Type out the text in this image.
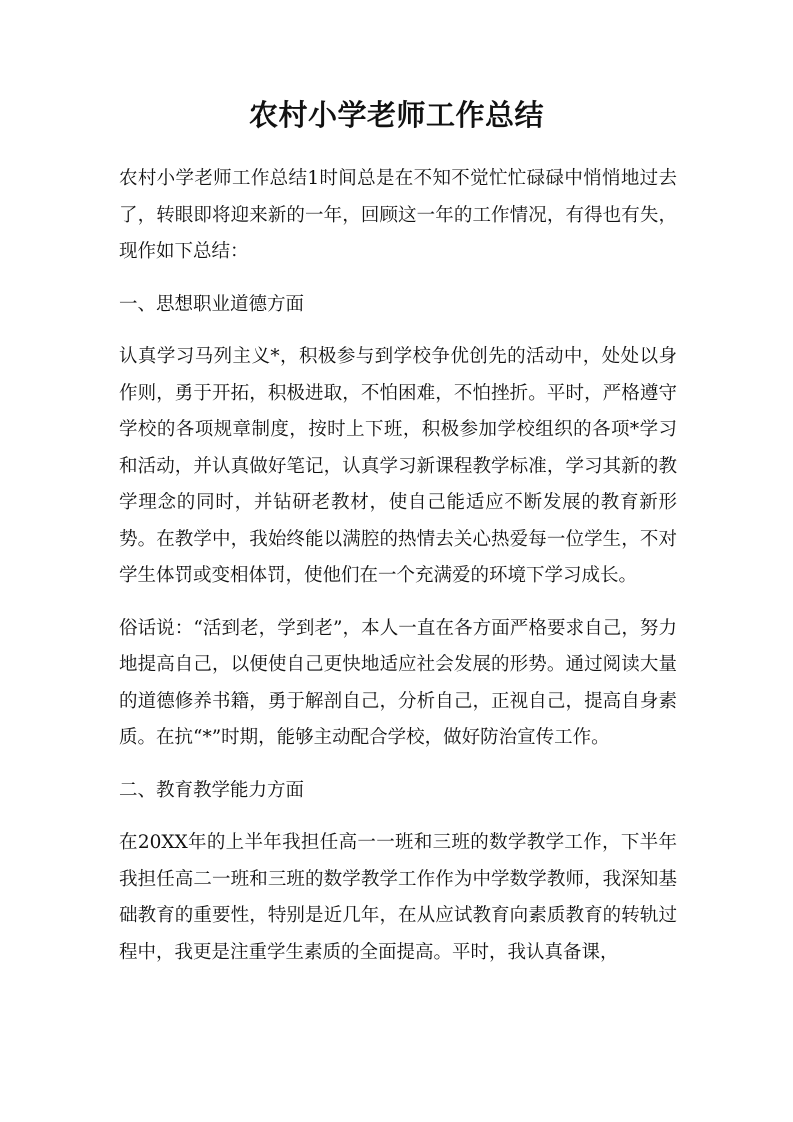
农村小学老师工作总结

农村小学老师工作总结1时间总是在不知不觉忙忙碌碌中悄悄地过去了，转眼即将迎来新的一年，回顾这一年的工作情况，有得也有失，现作如下总结：

一、思想职业道德方面

认真学习马列主义*，积极参与到学校争优创先的活动中，处处以身作则，勇于开拓，积极进取，不怕困难，不怕挫折。平时，严格遵守学校的各项规章制度，按时上下班，积极参加学校组织的各项*学习和活动，并认真做好笔记，认真学习新课程教学标准，学习其新的教学理念的同时，并钻研老教材，使自己能适应不断发展的教育新形势。在教学中，我始终能以满腔的热情去关心热爱每一位学生，不对学生体罚或变相体罚，使他们在一个充满爱的环境下学习成长。

俗话说：“活到老，学到老”，本人一直在各方面严格要求自己，努力地提高自己，以便使自己更快地适应社会发展的形势。通过阅读大量的道德修养书籍，勇于解剖自己，分析自己，正视自己，提高自身素质。在抗“*”时期，能够主动配合学校，做好防治宣传工作。

二、教育教学能力方面

在20XX年的上半年我担任高一一班和三班的数学教学工作，下半年我担任高二一班和三班的数学教学工作作为中学数学教师，我深知基础教育的重要性，特别是近几年，在从应试教育向素质教育的转轨过程中，我更是注重学生素质的全面提高。平时，我认真备课，
